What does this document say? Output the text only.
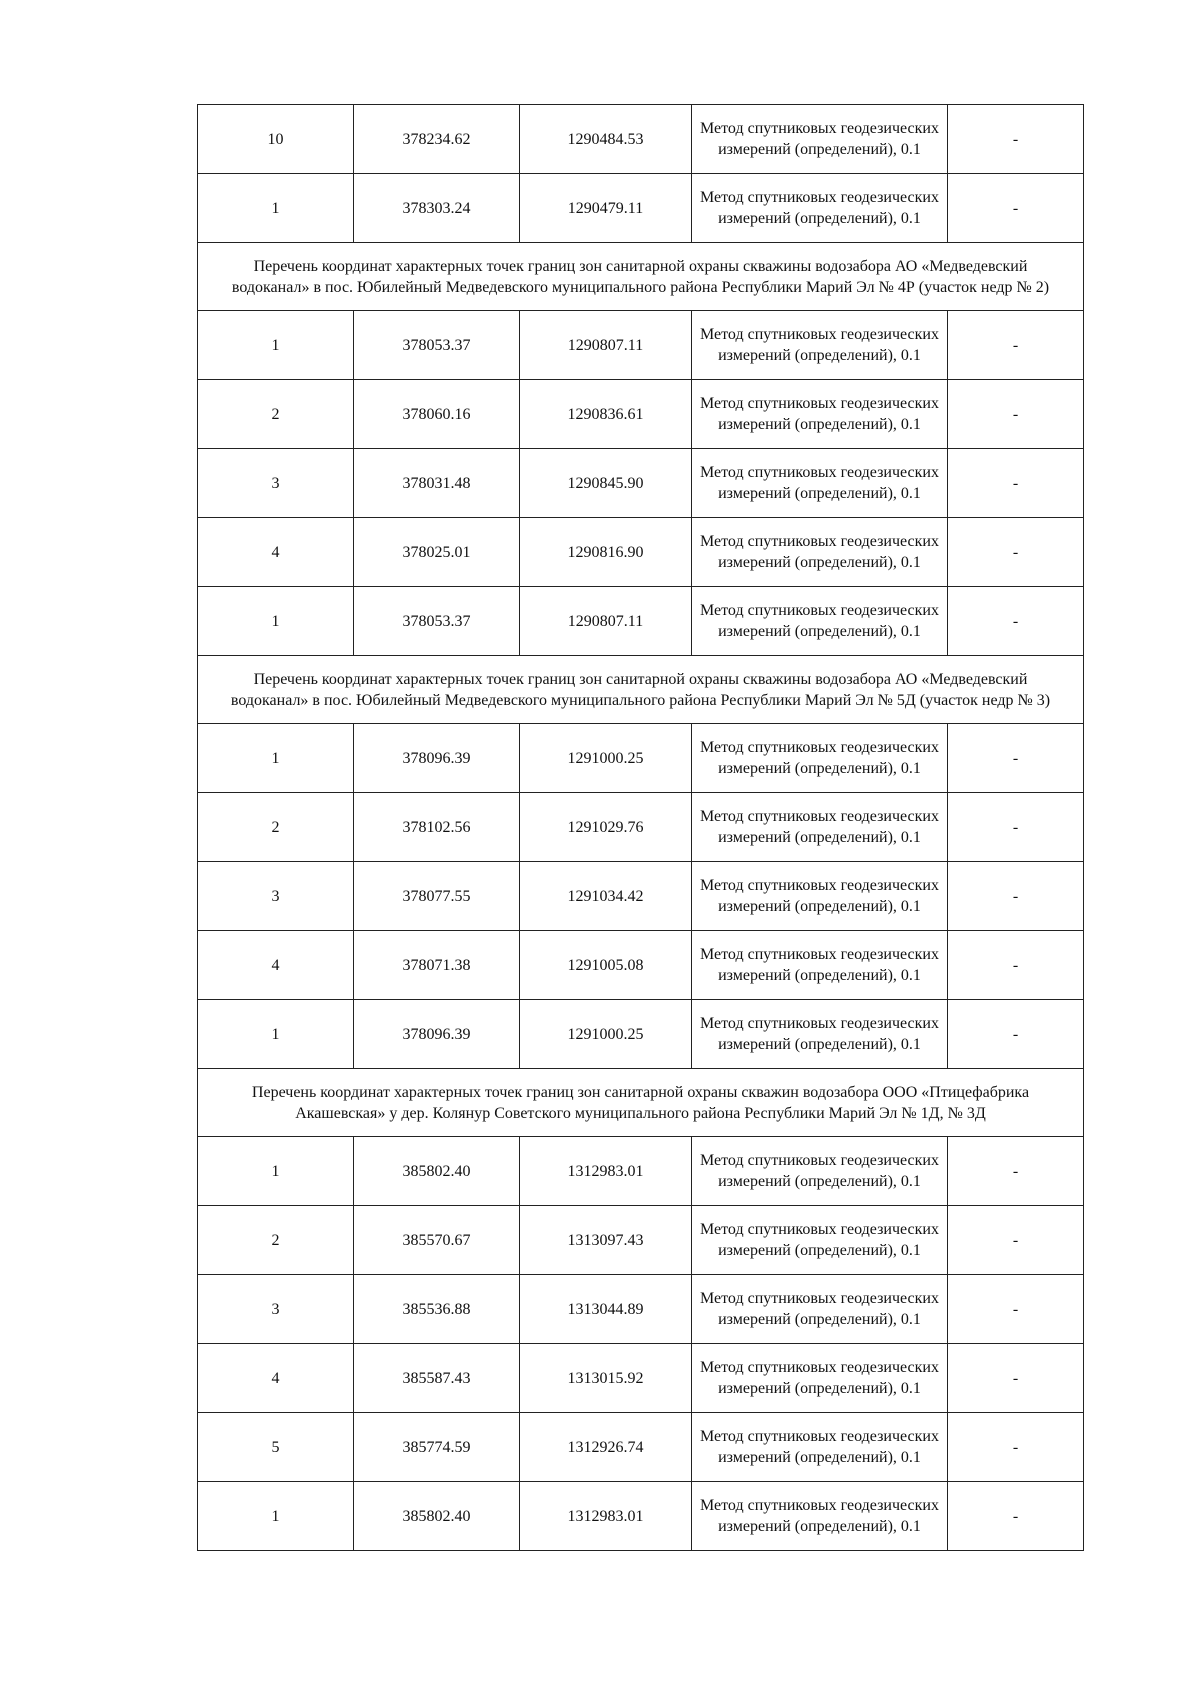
10	378234.62	1290484.53	Метод спутниковых геодезических измерений (определений), 0.1	-
1	378303.24	1290479.11	Метод спутниковых геодезических измерений (определений), 0.1	-
Перечень координат характерных точек границ зон санитарной охраны скважины водозабора АО «Медведевский водоканал» в пос. Юбилейный Медведевского муниципального района Республики Марий Эл № 4Р (участок недр № 2)				
1	378053.37	1290807.11	Метод спутниковых геодезических измерений (определений), 0.1	-
2	378060.16	1290836.61	Метод спутниковых геодезических измерений (определений), 0.1	-
3	378031.48	1290845.90	Метод спутниковых геодезических измерений (определений), 0.1	-
4	378025.01	1290816.90	Метод спутниковых геодезических измерений (определений), 0.1	-
1	378053.37	1290807.11	Метод спутниковых геодезических измерений (определений), 0.1	-
Перечень координат характерных точек границ зон санитарной охраны скважины водозабора АО «Медведевский водоканал» в пос. Юбилейный Медведевского муниципального района Республики Марий Эл № 5Д (участок недр № 3)				
1	378096.39	1291000.25	Метод спутниковых геодезических измерений (определений), 0.1	-
2	378102.56	1291029.76	Метод спутниковых геодезических измерений (определений), 0.1	-
3	378077.55	1291034.42	Метод спутниковых геодезических измерений (определений), 0.1	-
4	378071.38	1291005.08	Метод спутниковых геодезических измерений (определений), 0.1	-
1	378096.39	1291000.25	Метод спутниковых геодезических измерений (определений), 0.1	-
Перечень координат характерных точек границ зон санитарной охраны скважин водозабора ООО «Птицефабрика Акашевская» у дер. Колянур Советского муниципального района Республики Марий Эл № 1Д, № 3Д				
1	385802.40	1312983.01	Метод спутниковых геодезических измерений (определений), 0.1	-
2	385570.67	1313097.43	Метод спутниковых геодезических измерений (определений), 0.1	-
3	385536.88	1313044.89	Метод спутниковых геодезических измерений (определений), 0.1	-
4	385587.43	1313015.92	Метод спутниковых геодезических измерений (определений), 0.1	-
5	385774.59	1312926.74	Метод спутниковых геодезических измерений (определений), 0.1	-
1	385802.40	1312983.01	Метод спутниковых геодезических измерений (определений), 0.1	-
